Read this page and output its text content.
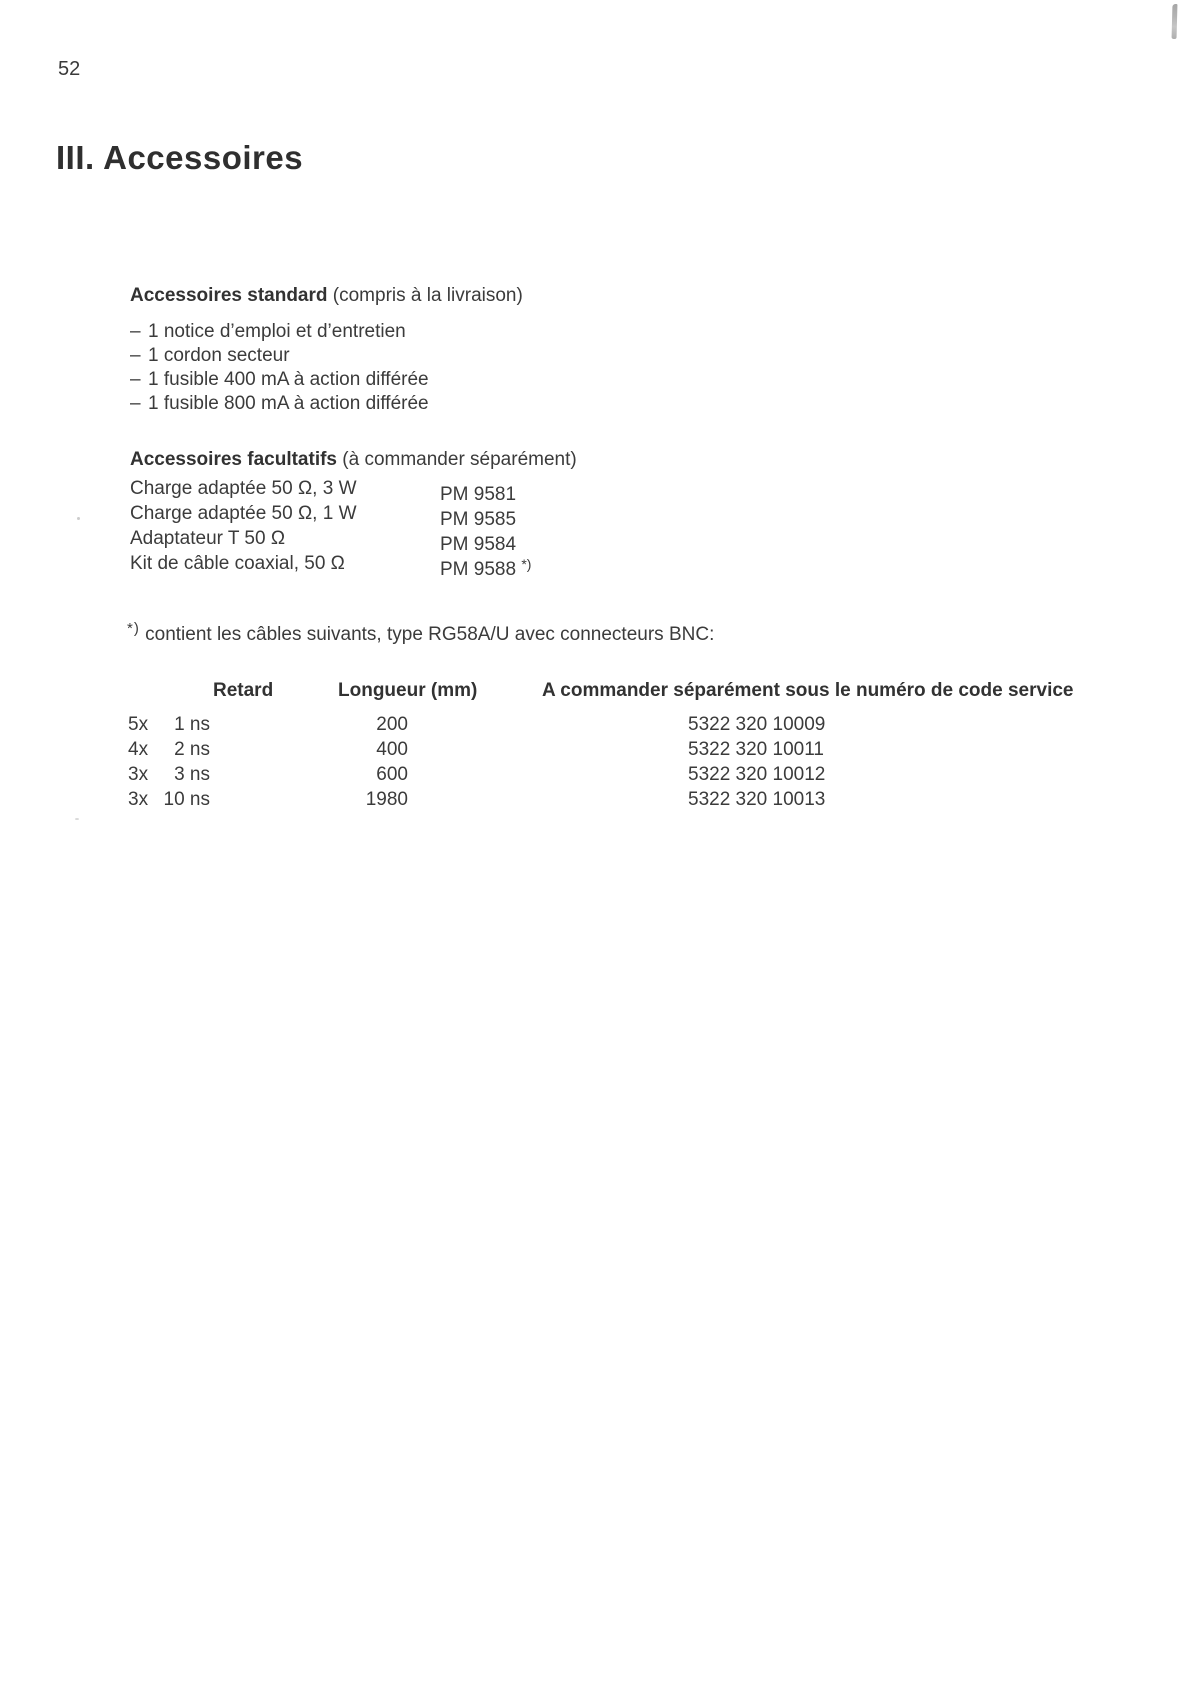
52
III. Accessoires
Accessoires standard (compris à la livraison)
– 1 notice d’emploi et d’entretien
– 1 cordon secteur
– 1 fusible 400 mA à action différée
– 1 fusible 800 mA à action différée
Accessoires facultatifs (à commander séparément)
Charge adaptée 50 Ω, 3 W	PM 9581
Charge adaptée 50 Ω, 1 W	PM 9585
Adaptateur T 50 Ω	PM 9584
Kit de câble coaxial, 50 Ω	PM 9588 *)
*) contient les câbles suivants, type RG58A/U avec connecteurs BNC:
Retard	Longueur (mm)	A commander séparément sous le numéro de code service
5x	1 ns	200	5322 320 10009
4x	2 ns	400	5322 320 10011
3x	3 ns	600	5322 320 10012
3x 10 ns	1980	5322 320 10013
